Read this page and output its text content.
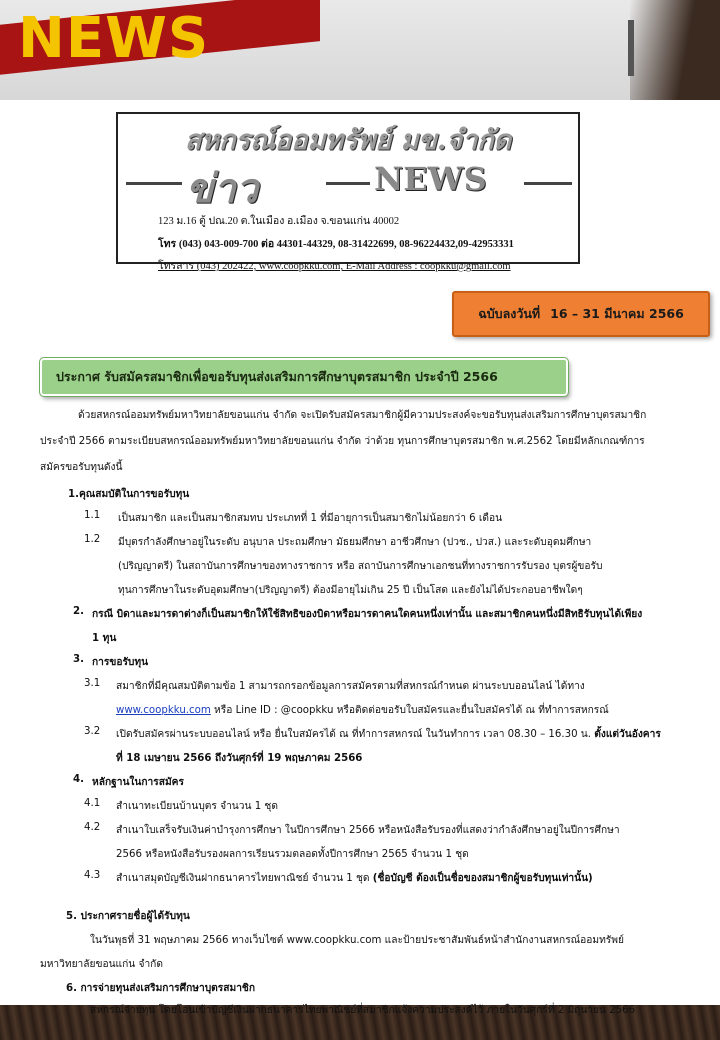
NEWS
สหกรณ์ออมทรัพย์ มข.จำกัด
ข่าว	NEWS
123 ม.16 ตู้ ปณ.20 ต.ในเมือง อ.เมือง จ.ขอนแก่น 40002
โทร (043) 043-009-700 ต่อ 44301-44329, 08-31422699, 08-96224432,09-42953331
โทรสาร (043) 202422, www.coopkku.com, E-Mail Address : coopkku@gmail.com
ฉบับลงวันที่ 16 – 31 มีนาคม 2566
ประกาศ รับสมัครสมาชิกเพื่อขอรับทุนส่งเสริมการศึกษาบุตรสมาชิก ประจำปี 2566
ด้วยสหกรณ์ออมทรัพย์มหาวิทยาลัยขอนแก่น จำกัด จะเปิดรับสมัครสมาชิกผู้มีความประสงค์จะขอรับทุนส่งเสริมการศึกษาบุตรสมาชิก
ประจำปี 2566 ตามระเบียบสหกรณ์ออมทรัพย์มหาวิทยาลัยขอนแก่น จำกัด ว่าด้วย ทุนการศึกษาบุตรสมาชิก พ.ศ.2562 โดยมีหลักเกณฑ์การ
สมัครขอรับทุนดังนี้
1.คุณสมบัติในการขอรับทุน
1.1 เป็นสมาชิก และเป็นสมาชิกสมทบ ประเภทที่ 1 ที่มีอายุการเป็นสมาชิกไม่น้อยกว่า 6 เดือน
1.2 มีบุตรกำลังศึกษาอยู่ในระดับ อนุบาล ประถมศึกษา มัธยมศึกษา อาชีวศึกษา (ปวช., ปวส.) และระดับอุดมศึกษา
(ปริญญาตรี) ในสถาบันการศึกษาของทางราชการ หรือ สถาบันการศึกษาเอกชนที่ทางราชการรับรอง บุตรผู้ขอรับ
ทุนการศึกษาในระดับอุดมศึกษา(ปริญญาตรี) ต้องมีอายุไม่เกิน 25 ปี เป็นโสด และยังไม่ได้ประกอบอาชีพใดๆ
2. กรณี บิดาและมารดาต่างก็เป็นสมาชิกให้ใช้สิทธิของบิดาหรือมารดาคนใดคนหนึ่งเท่านั้น และสมาชิกคนหนึ่งมีสิทธิรับทุนได้เพียง
1 ทุน
3. การขอรับทุน
3.1 สมาชิกที่มีคุณสมบัติตามข้อ 1 สามารถกรอกข้อมูลการสมัครตามที่สหกรณ์กำหนด ผ่านระบบออนไลน์ ได้ทาง
www.coopkku.com หรือ Line ID : @coopkku หรือติดต่อขอรับใบสมัครและยื่นใบสมัครได้ ณ ที่ทำการสหกรณ์
3.2 เปิดรับสมัครผ่านระบบออนไลน์ หรือ ยื่นใบสมัครได้ ณ ที่ทำการสหกรณ์ ในวันทำการ เวลา 08.30 – 16.30 น. ตั้งแต่วันอังคาร
ที่ 18 เมษายน 2566 ถึงวันศุกร์ที่ 19 พฤษภาคม 2566
4. หลักฐานในการสมัคร
4.1 สำเนาทะเบียนบ้านบุตร จำนวน 1 ชุด
4.2 สำเนาใบเสร็จรับเงินค่าบำรุงการศึกษา ในปีการศึกษา 2566 หรือหนังสือรับรองที่แสดงว่ากำลังศึกษาอยู่ในปีการศึกษา
2566 หรือหนังสือรับรองผลการเรียนรวมตลอดทั้งปีการศึกษา 2565 จำนวน 1 ชุด
4.3 สำเนาสมุดบัญชีเงินฝากธนาคารไทยพาณิชย์ จำนวน 1 ชุด (ชื่อบัญชี ต้องเป็นชื่อของสมาชิกผู้ขอรับทุนเท่านั้น)
5. ประกาศรายชื่อผู้ได้รับทุน
ในวันพุธที่ 31 พฤษภาคม 2566 ทางเว็บไซต์ www.coopkku.com และป้ายประชาสัมพันธ์หน้าสำนักงานสหกรณ์ออมทรัพย์
มหาวิทยาลัยขอนแก่น จำกัด
6. การจ่ายทุนส่งเสริมการศึกษาบุตรสมาชิก
สหกรณ์จ่ายทุน โดยโอนเข้าบัญชีเงินฝากธนาคารไทยพาณิชย์ที่สมาชิกแจ้งความประสงค์ไว้ ภายในวันศุกร์ที่ 2 มิถุนายน 2566
